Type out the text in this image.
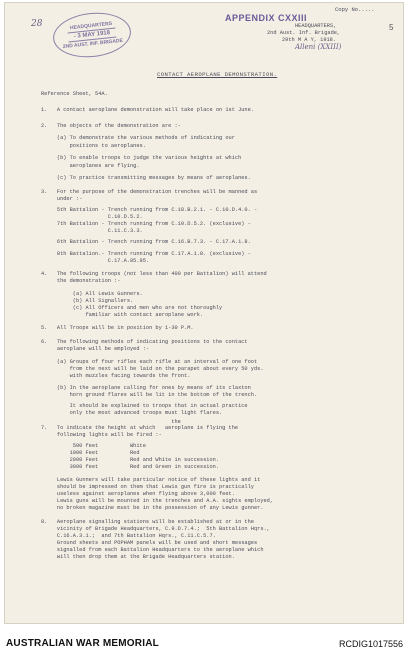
Copy No.....
28	HEADQUARTERS
- 3 MAY 1918
2ND AUST. INF. BRIGADE
APPENDIX CXXIII
5
HEADQUARTERS,
2nd Aust. Inf. Brigade,
29th M A Y, 1918.
Alleni (XXIII)
CONTACT AEROPLANE DEMONSTRATION.
Reference Sheet, 54A.
1.   A contact aeroplane demonstration will take place on 1st June.
2.   The objects of the demonstration are :-
(a) To demonstrate the various methods of indicating our
positions to aeroplanes.
(b) To enable troops to judge the various heights at which
aeroplanes are flying.
(c) To practice transmitting messages by means of aeroplanes.
3.   For the purpose of the demonstration trenches will be manned as
under :-
5th Battalion - Trench running from C.18.B.2.1. - C.10.D.4.0. -
C.10.D.5.2.
7th Battalion - Trench running from C.10.D.5.2. (exclusive) -
C.11.C.3.3.
6th Battalion - Trench running from C.16.B.7.3. - C.17.A.1.8.
8th Battalion.- Trench running from C.17.A.1.8. (exclusive) -
C.17.A.85.95.
4.   The following troops (not less than 400 per Battalion) will attend
the demonstration :-
(a) All Lewis Gunners.
(b) All Signallers.
(c) All Officers and men who are not thoroughly
familiar with contact aeroplane work.
5.   All Troops will be in position by 1-30 P.M.
6.   The following methods of indicating positions to the contact
aeroplane will be employed :-
(a) Groups of four rifles each rifle at an interval of one foot
from the next will be laid on the parapet about every 50 yds.
with muzzles facing towards the front.
(b) In the aeroplane calling for ones by means of its claxton
horn ground flares will be lit in the bottom of the trench.
It should be explained to troops that in actual practice
only the most advanced troops must light flares.
the
7.   To indicate the height at which   aeroplane is flying the
following lights will be fired :-
500 feet          White
1000 Feet          Red
2000 Feet          Red and White in succession.
3000 feet          Red and Green in succession.
Lewis Gunners will take particular notice of these lights and it
should be impressed on them that Lewis gun fire is practically
useless against aeroplanes when flying above 3,000 feet.
Lewis guns will be mounted in the trenches and A.A. sights employed,
no broken magazine must be in the possession of any Lewis gunner.
8.   Aeroplane signalling stations will be established at or in the
vicinity of Brigade Headquarters, C.9.D.7.4.;  5th Battalion Hqrs.,
C.16.A.3.1.;  and 7th Battalion Hqrs., C.11.C.5.7.
Ground sheets and POPHAM panels will be used and short messages
signalled from each Battalion Headquarters to the aeroplane which
will then drop them at the Brigade Headquarters station.
AUSTRALIAN WAR MEMORIAL	RCDIG1017556
